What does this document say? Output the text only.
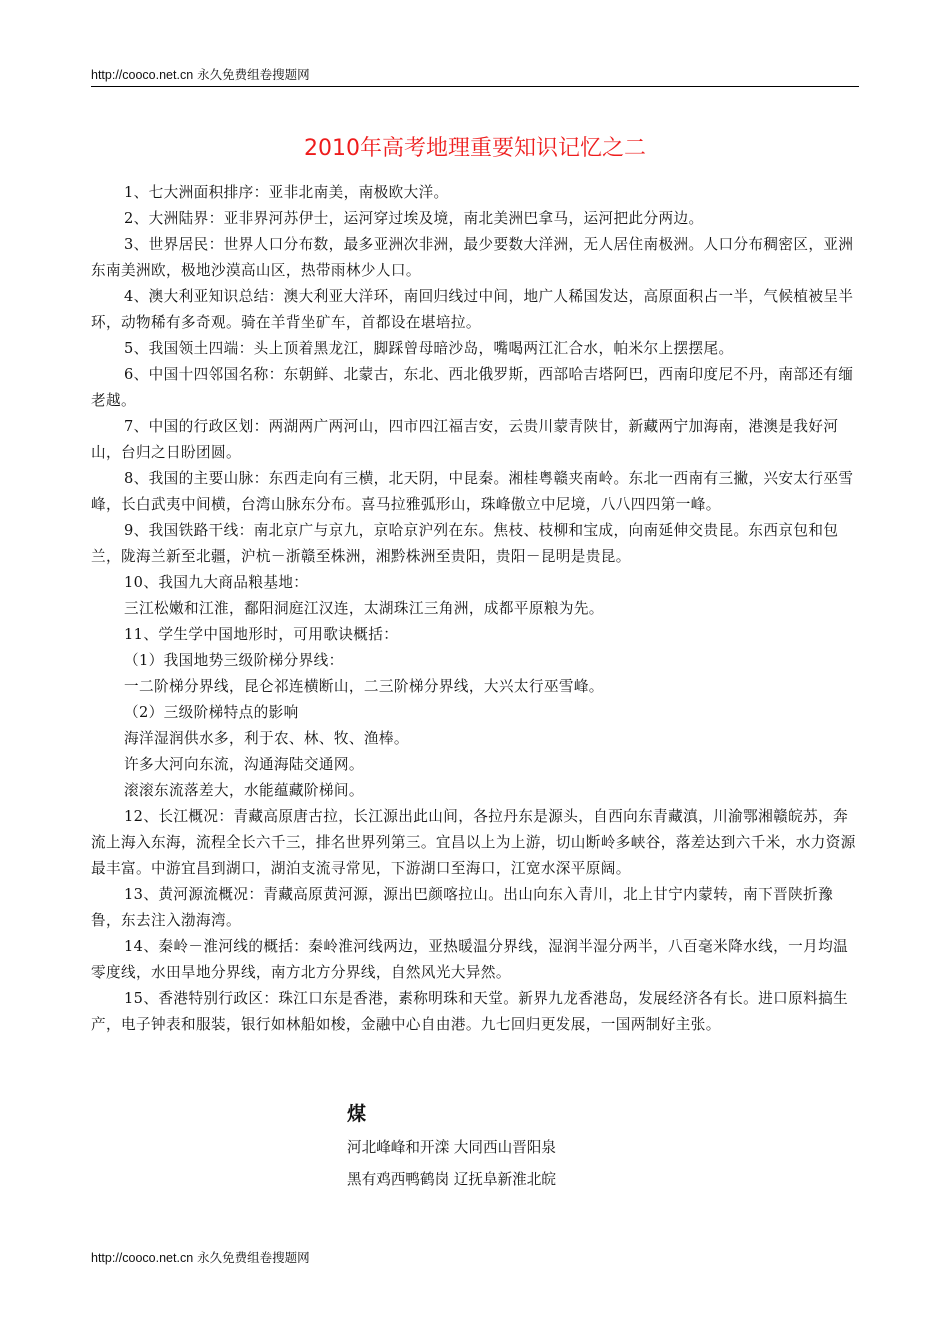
http://cooco.net.cn 永久免费组卷搜题网
2010年高考地理重要知识记忆之二

1、七大洲面积排序：亚非北南美，南极欧大洋。

2、大洲陆界：亚非界河苏伊士，运河穿过埃及境，南北美洲巴拿马，运河把此分两边。

3、世界居民：世界人口分布数，最多亚洲次非洲，最少要数大洋洲，无人居住南极洲。人口分布稠密区，亚洲东南美洲欧，极地沙漠高山区，热带雨林少人口。

4、澳大利亚知识总结：澳大利亚大洋环，南回归线过中间，地广人稀国发达，高原面积占一半，气候植被呈半环，动物稀有多奇观。骑在羊背坐矿车，首都设在堪培拉。

5、我国领土四端：头上顶着黑龙江，脚踩曾母暗沙岛，嘴喝两江汇合水，帕米尔上摆摆尾。

6、中国十四邻国名称：东朝鲜、北蒙古，东北、西北俄罗斯，西部哈吉塔阿巴，西南印度尼不丹，南部还有缅老越。

7、中国的行政区划：两湖两广两河山，四市四江福吉安，云贵川蒙青陕甘，新藏两宁加海南，港澳是我好河山，台归之日盼团圆。

8、我国的主要山脉：东西走向有三横，北天阴，中昆秦。湘桂粤赣夹南岭。东北一西南有三撇，兴安太行巫雪峰，长白武夷中间横，台湾山脉东分布。喜马拉雅弧形山，珠峰傲立中尼境，八八四四第一峰。

9、我国铁路干线：南北京广与京九，京哈京沪列在东。焦枝、枝柳和宝成，向南延伸交贵昆。东西京包和包兰，陇海兰新至北疆，沪杭－浙赣至株洲，湘黔株洲至贵阳，贵阳－昆明是贵昆。

10、我国九大商品粮基地：

三江松嫩和江淮，鄱阳洞庭江汉连，太湖珠江三角洲，成都平原粮为先。

11、学生学中国地形时，可用歌诀概括：

（1）我国地势三级阶梯分界线：

一二阶梯分界线，昆仑祁连横断山，二三阶梯分界线，大兴太行巫雪峰。

（2）三级阶梯特点的影响

海洋湿润供水多，利于农、林、牧、渔棒。

许多大河向东流，沟通海陆交通网。

滚滚东流落差大，水能蕴藏阶梯间。

12、长江概况：青藏高原唐古拉，长江源出此山间，各拉丹东是源头，自西向东青藏滇，川渝鄂湘赣皖苏，奔流上海入东海，流程全长六千三，排名世界列第三。宜昌以上为上游，切山断岭多峡谷，落差达到六千米，水力资源最丰富。中游宜昌到湖口，湖泊支流寻常见，下游湖口至海口，江宽水深平原阔。

13、黄河源流概况：青藏高原黄河源，源出巴颜喀拉山。出山向东入青川，北上甘宁内蒙转，南下晋陕折豫鲁，东去注入渤海湾。

14、秦岭－淮河线的概括：秦岭淮河线两边，亚热暖温分界线，湿润半湿分两半，八百毫米降水线，一月均温零度线，水田旱地分界线，南方北方分界线，自然风光大异然。

15、香港特别行政区：珠江口东是香港，素称明珠和天堂。新界九龙香港岛，发展经济各有长。进口原料搞生产，电子钟表和服装，银行如林船如梭，金融中心自由港。九七回归更发展，一国两制好主张。

煤
河北峰峰和开滦 大同西山晋阳泉
黑有鸡西鸭鹤岗 辽抚阜新淮北皖
http://cooco.net.cn 永久免费组卷搜题网
